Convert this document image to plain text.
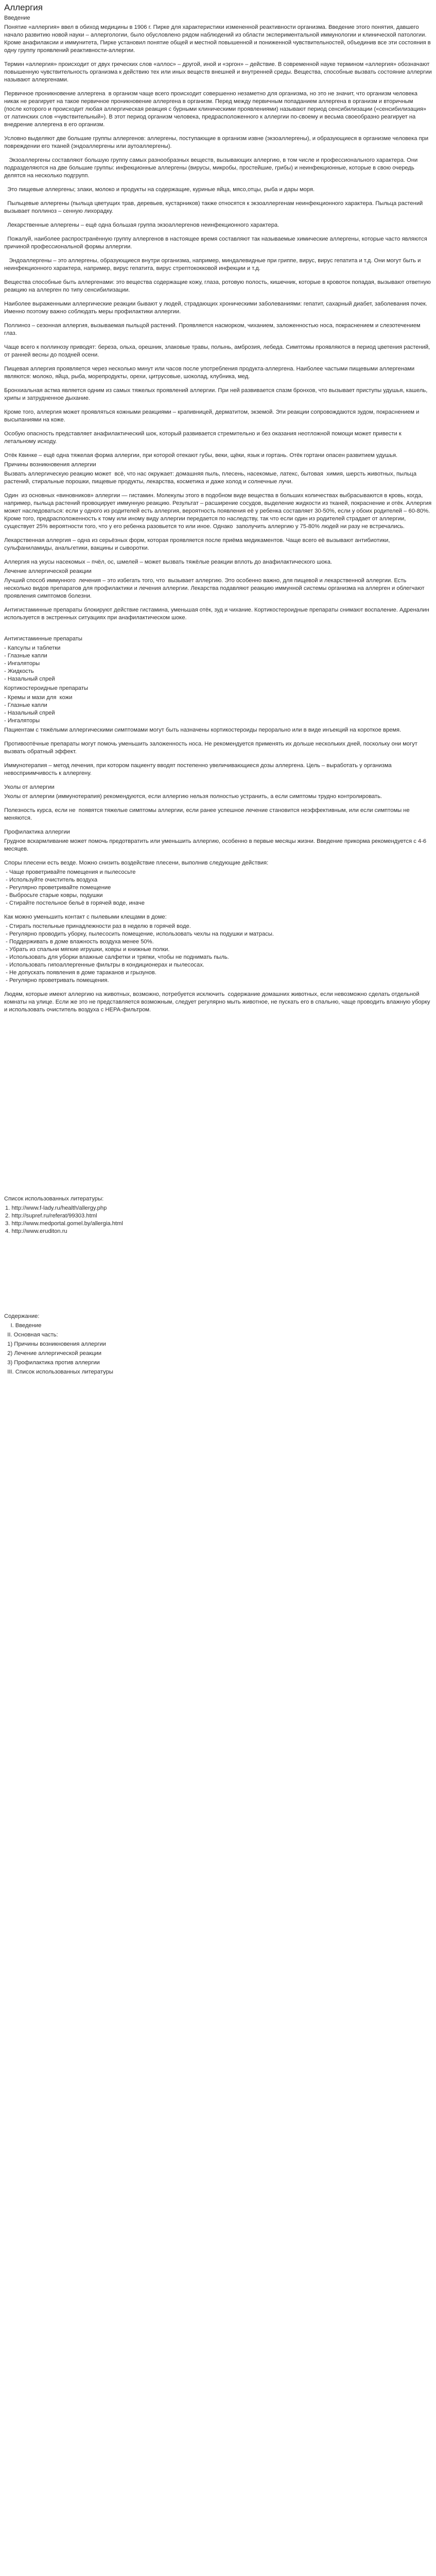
Аллергия
Введение
Понятие «аллергия» ввел в обиход медицины в 1906 г. Пирке для характеристики измененной реактивности организма. Введение этого понятия, давшего начало развитию новой науки – аллергологии, было обусловлено рядом наблюдений из области экспериментальной иммунологии и клинической патологии. Кроме анафилаксии и иммунитета, Пирке установил понятие общей и местной повышенной и пониженной чувствительностей, объединив все эти состояния в одну группу проявлений реактивности-аллергии.
Термин «аллергия» происходит от двух греческих слов «аллос» – другой, иной и «эргон» – действие. В современной науке термином «аллергия» обозначают повышенную чувствительность организма к действию тех или иных веществ внешней и внутренней среды. Вещества, способные вызвать состояние аллергии называют аллергенами.
Первичное проникновение аллергена  в организм чаще всего происходит совершенно незаметно для организма, но это не значит, что организм человека никак не реагирует на такое первичное проникновение аллергена в организм. Перед между первичным попаданием аллергена в организм и вторичным (после которого и происходит любая аллергическая реакция с бурными клиническими проявлениями) называют период сенсибилизации («сенсибилизация» от латинских слов «чувствительный»). В этот период организм человека, предрасположенного к аллергии по-своему и весьма своеобразно реагирует на внедрение аллергена в его организм.
Условно выделяют две большие группы аллергенов: аллергены, поступающие в организм извне (экзоаллергены), и образующиеся в организме человека при повреждении его тканей (эндоаллергены или аутоаллергены).
Экзоаллергены составляют большую группу самых разнообразных веществ, вызывающих аллергию, в том числе и профессионального характера. Они подразделяются на две большие группы: инфекционные аллергены (вирусы, микробы, простейшие, грибы) и неинфекционные, которые в свою очередь делятся на несколько подгрупп.
Это пищевые аллергены; злаки, молоко и продукты на содержащие, куриные яйца, мясо,отцы, рыба и дары моря.
Пыльцевые аллергены (пыльца цветущих трав, деревьев, кустарников) также относятся к экзоаллергенам неинфекционного характера. Пыльца растений вызывает поллиноз – сенную лихорадку.
Лекарственные аллергены – ещё одна большая группа экзоаллергенов неинфекционного характера.
Пожалуй, наиболее распространённую группу аллергенов в настоящее время составляют так называемые химические аллергены, которые часто являются причиной профессиональной формы аллергии.
Эндоаллергены – это аллергены, образующиеся внутри организма, например, миндалевидные при гриппе, вирус, вирус гепатита и т.д. Они могут быть и неинфекционного характера, например, вирус гепатита, вирус стрептококковой инфекции и т.д.
Вещества способные быть аллергенами: это вещества содержащие кожу, глаза, ротовую полость, кишечник, которые в кровоток попадая, вызывают ответную реакцию на аллерген по типу сенсибилизации.
Наиболее выраженными аллергические реакции бывают у людей, страдающих хроническими заболеваниями: гепатит, сахарный диабет, заболевания почек. Именно поэтому важно соблюдать меры профилактики аллергии.
Поллиноз – сезонная аллергия, вызываемая пыльцой растений. Проявляется насморком, чиханием, заложенностью носа, покраснением и слезотечением глаз.
Чаще всего к поллинозу приводят: береза, ольха, орешник, злаковые травы, полынь, амброзия, лебеда. Симптомы проявляются в период цветения растений, от ранней весны до поздней осени.
Пищевая аллергия проявляется через несколько минут или часов после употребления продукта-аллергена. Наиболее частыми пищевыми аллергенами являются: молоко, яйца, рыба, морепродукты, орехи, цитрусовые, шоколад, клубника, мед.
Бронхиальная астма является одним из самых тяжелых проявлений аллергии. При ней развивается спазм бронхов, что вызывает приступы удушья, кашель, хрипы и затрудненное дыхание.
Кроме того, аллергия может проявляться кожными реакциями – крапивницей, дерматитом, экземой. Эти реакции сопровождаются зудом, покраснением и высыпаниями на коже.
Особую опасность представляет анафилактический шок, который развивается стремительно и без оказания неотложной помощи может привести к летальному исходу.
Отёк Квинке – ещё одна тяжелая форма аллергии, при которой отекают губы, веки, щёки, язык и гортань. Отёк гортани опасен развитием удушья.
Причины возникновения аллергии
Вызвать аллергическую реакцию может  всё, что нас окружает: домашняя пыль, плесень, насекомые, латекс, бытовая  химия, шерсть животных, пыльца растений, стиральные порошки, пищевые продукты, лекарства, косметика и даже холод и солнечные лучи.
Один  из основных «виновников» аллергии — гистамин. Молекулы этого в подобном виде вещества в больших количествах выбрасываются в кровь, когда, например, пыльца растений провоцирует иммунную реакцию. Результат – расширение сосудов, выделение жидкости из тканей, покраснение и отёк. Аллергия может наследоваться: если у одного из родителей есть аллергия, вероятность появления её у ребенка составляет 30-50%, если у обоих родителей – 60-80%. Кроме того, предрасположенность к тому или иному виду аллергии передается по наследству, так что если один из родителей страдает от аллергии, существует 25% вероятности того, что у его ребенка разовьется то или иное. Однако  заполучить аллергию у 75-80% людей ни разу не встречались.
Лекарственная аллергия – одна из серьёзных форм, которая проявляется после приёма медикаментов. Чаще всего её вызывают антибиотики, сульфаниламиды, анальгетики, вакцины и сыворотки.
Аллергия на укусы насекомых – пчёл, ос, шмелей – может вызвать тяжёлые реакции вплоть до анафилактического шока.
Лечение аллергической реакции
Лучший способ иммунного  лечения – это избегать того, что  вызывает аллергию. Это особенно важно, для пищевой и лекарственной аллергии. Есть несколько видов препаратов для профилактики и лечения аллергии. Лекарства подавляют реакцию иммунной системы организма на аллерген и облегчают проявления симптомов болезни.
Антигистаминные препараты блокируют действие гистамина, уменьшая отёк, зуд и чихание. Кортикостероидные препараты снимают воспаление. Адреналин используется в экстренных ситуациях при анафилактическом шоке.
Антигистаминные препараты
- Капсулы и таблетки
- Глазные капли
- Ингаляторы
- Жидкость
- Назальный спрей
Кортикостероидные препараты
- Кремы и мази для  кожи
- Глазные капли
- Назальный спрей
- Ингаляторы
Пациентам с тяжёлыми аллергическими симптомами могут быть назначены кортикостероиды перорально или в виде инъекций на короткое время.
Противоотёчные препараты могут помочь уменьшить заложенность носа. Не рекомендуется применять их дольше нескольких дней, поскольку они могут вызвать обратный эффект.
Иммунотерапия – метод лечения, при котором пациенту вводят постепенно увеличивающиеся дозы аллергена. Цель – выработать у организма невосприимчивость к аллергену.
Уколы от аллергии
Уколы от аллергии (иммунотерапия) рекомендуются, если аллергию нельзя полностью устранить, а если симптомы трудно контролировать.
Полезность курса, если не  появятся тяжелые симптомы аллергии, если ранее успешное лечение становится неэффективным, или если симптомы не  меняются.
Профилактика аллергии
Грудное вскармливание может помочь предотвратить или уменьшить аллергию, особенно в первые месяцы жизни. Введение прикорма рекомендуется с 4-6 месяцев.
Споры плесени есть везде. Можно снизить воздействие плесени, выполнив следующие действия:
- Чаще проветривайте помещения и пылесосьте
- Используйте очиститель воздуха
- Регулярно проветривайте помещение
- Выбросьте старые ковры, подушки
- Стирайте постельное бельё в горячей воде, иначе
Как можно уменьшить контакт с пылевыми клещами в доме:
- Стирать постельные принадлежности раз в неделю в горячей воде.
- Регулярно проводить уборку, пылесосить помещение, использовать чехлы на подушки и матрасы.
- Поддерживать в доме влажность воздуха менее 50%.
- Убрать из спальни мягкие игрушки, ковры и книжные полки.
- Использовать для уборки влажные салфетки и тряпки, чтобы не поднимать пыль.
- Использовать гипоаллергенные фильтры в кондиционерах и пылесосах.
- Не допускать появления в доме тараканов и грызунов.
- Регулярно проветривать помещения.
Людям, которые имеют аллергию на животных, возможно, потребуется исключить  содержание домашних животных, если невозможно сделать отдельной  комнаты на улице. Если же это не представляется возможным, следует регулярно мыть животное, не пускать его в спальню, чаще проводить влажную уборку и использовать очиститель воздуха с HEPA-фильтром.
Список использованных литературы:
1. http://www.f-lady.ru/health/allergy.php
2. http://supref.ru/referat/99303.html
3. http://www.medportal.gomel.by/allergia.html
4. http://www.eruditon.ru
Содержание:
I. Введение
II. Основная часть:
1) Причины возникновения аллергии
2) Лечение аллергической реакции
3) Профилактика против аллергии
III. Список использованных литературы
